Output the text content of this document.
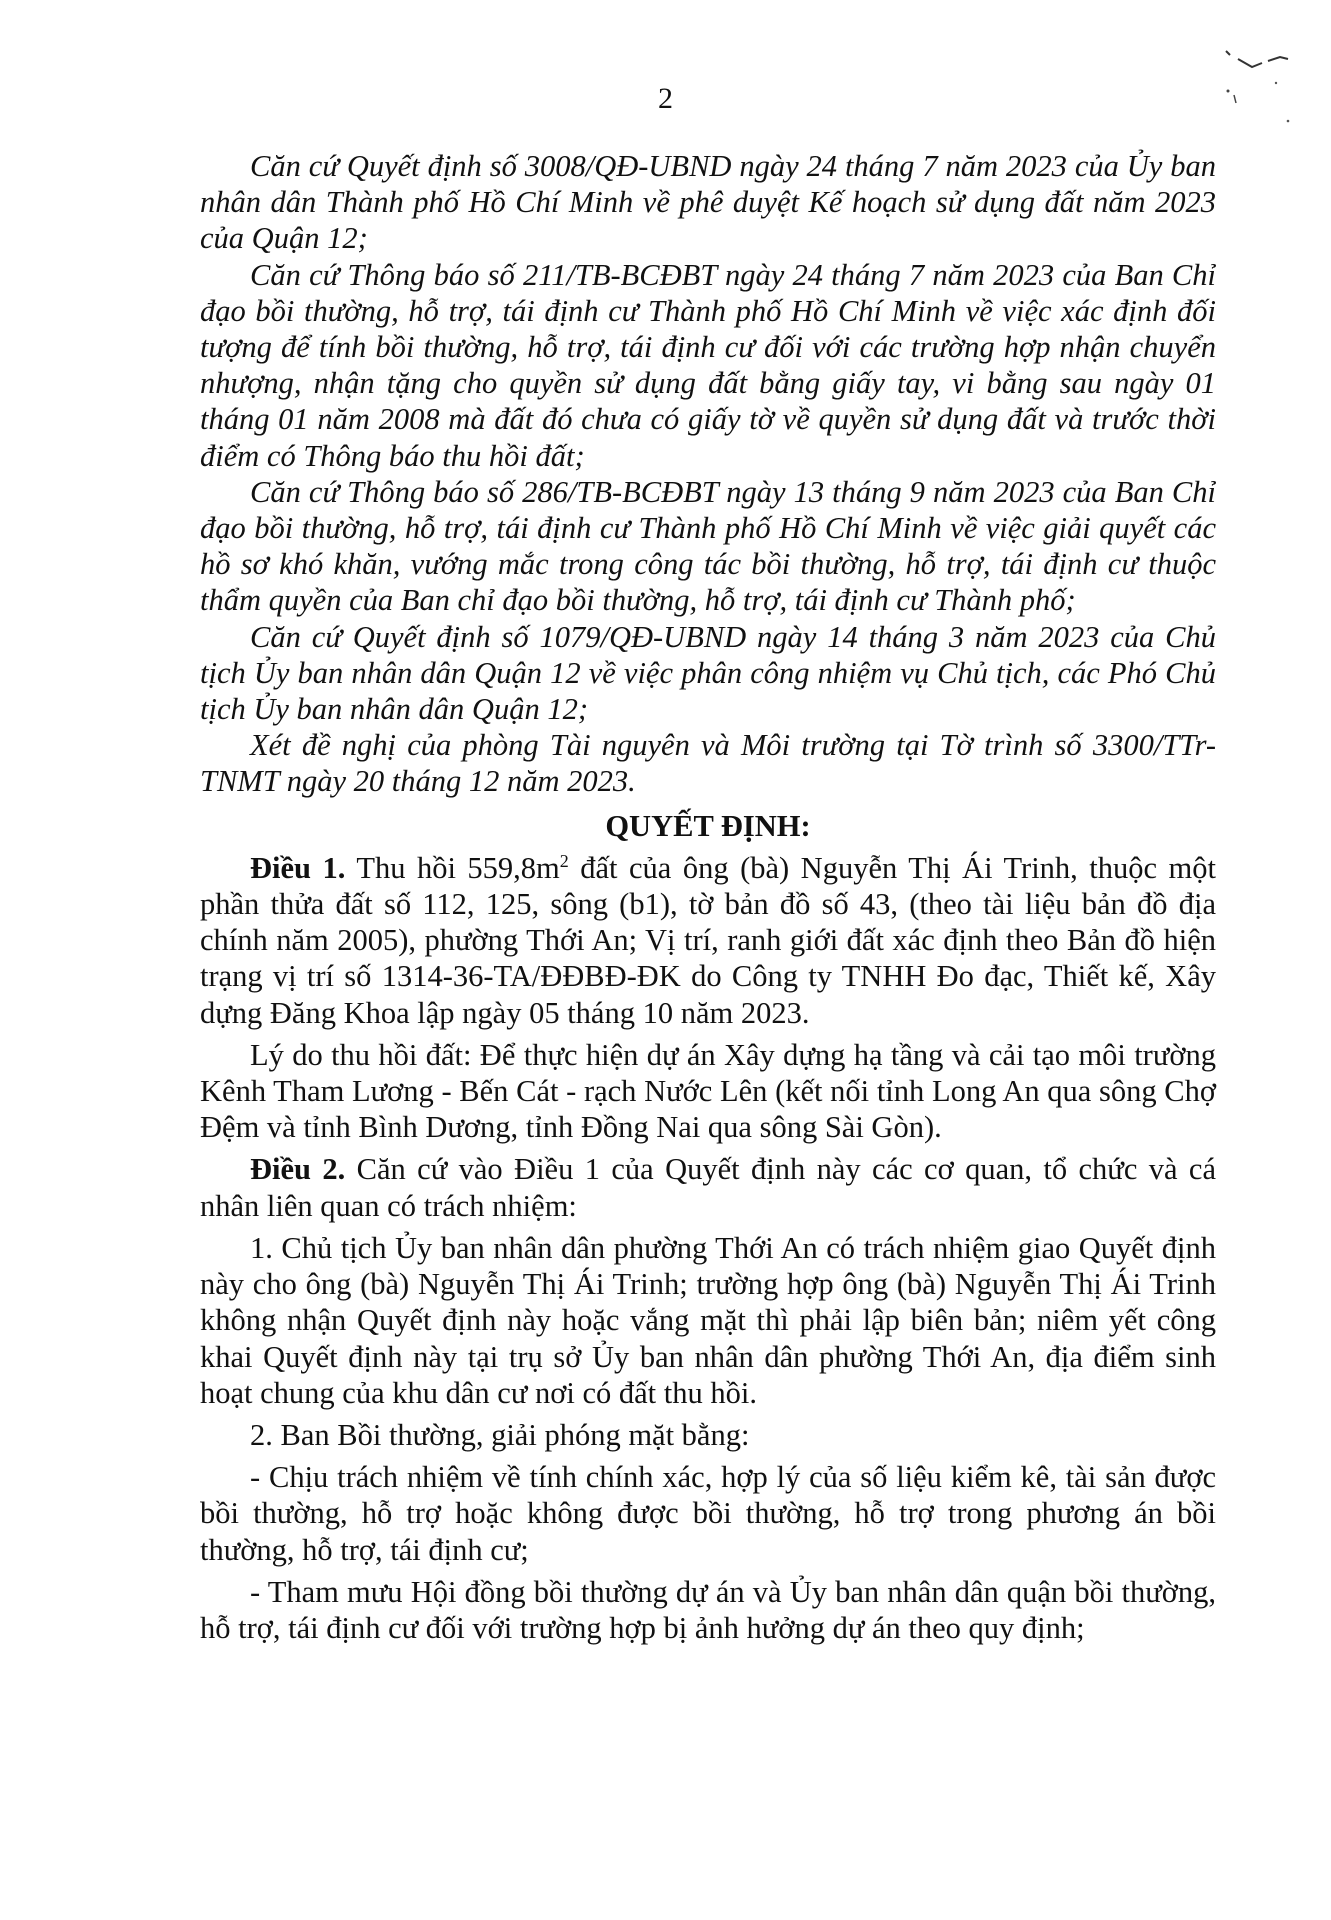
2

Căn cứ Quyết định số 3008/QĐ-UBND ngày 24 tháng 7 năm 2023 của Ủy ban nhân dân Thành phố Hồ Chí Minh về phê duyệt Kế hoạch sử dụng đất năm 2023 của Quận 12;

Căn cứ Thông báo số 211/TB-BCĐBT ngày 24 tháng 7 năm 2023 của Ban Chỉ đạo bồi thường, hỗ trợ, tái định cư Thành phố Hồ Chí Minh về việc xác định đối tượng để tính bồi thường, hỗ trợ, tái định cư đối với các trường hợp nhận chuyển nhượng, nhận tặng cho quyền sử dụng đất bằng giấy tay, vi bằng sau ngày 01 tháng 01 năm 2008 mà đất đó chưa có giấy tờ về quyền sử dụng đất và trước thời điểm có Thông báo thu hồi đất;

Căn cứ Thông báo số 286/TB-BCĐBT ngày 13 tháng 9 năm 2023 của Ban Chỉ đạo bồi thường, hỗ trợ, tái định cư Thành phố Hồ Chí Minh về việc giải quyết các hồ sơ khó khăn, vướng mắc trong công tác bồi thường, hỗ trợ, tái định cư thuộc thẩm quyền của Ban chỉ đạo bồi thường, hỗ trợ, tái định cư Thành phố;

Căn cứ Quyết định số 1079/QĐ-UBND ngày 14 tháng 3 năm 2023 của Chủ tịch Ủy ban nhân dân Quận 12 về việc phân công nhiệm vụ Chủ tịch, các Phó Chủ tịch Ủy ban nhân dân Quận 12;

Xét đề nghị của phòng Tài nguyên và Môi trường tại Tờ trình số 3300/TTr-TNMT ngày 20 tháng 12 năm 2023.

QUYẾT ĐỊNH:

Điều 1. Thu hồi $559,8m^2$ đất của ông (bà) Nguyễn Thị Ái Trinh, thuộc một phần thửa đất số 112, 125, sông (b1), tờ bản đồ số 43, (theo tài liệu bản đồ địa chính năm 2005), phường Thới An; Vị trí, ranh giới đất xác định theo Bản đồ hiện trạng vị trí số 1314-36-TA/ĐĐBĐ-ĐK do Công ty TNHH Đo đạc, Thiết kế, Xây dựng Đăng Khoa lập ngày 05 tháng 10 năm 2023.

Lý do thu hồi đất: Để thực hiện dự án Xây dựng hạ tầng và cải tạo môi trường Kênh Tham Lương - Bến Cát - rạch Nước Lên (kết nối tỉnh Long An qua sông Chợ Đệm và tỉnh Bình Dương, tỉnh Đồng Nai qua sông Sài Gòn).

Điều 2. Căn cứ vào Điều 1 của Quyết định này các cơ quan, tổ chức và cá nhân liên quan có trách nhiệm:

1. Chủ tịch Ủy ban nhân dân phường Thới An có trách nhiệm giao Quyết định này cho ông (bà) Nguyễn Thị Ái Trinh; trường hợp ông (bà) Nguyễn Thị Ái Trinh không nhận Quyết định này hoặc vắng mặt thì phải lập biên bản; niêm yết công khai Quyết định này tại trụ sở Ủy ban nhân dân phường Thới An, địa điểm sinh hoạt chung của khu dân cư nơi có đất thu hồi.

2. Ban Bồi thường, giải phóng mặt bằng:

- Chịu trách nhiệm về tính chính xác, hợp lý của số liệu kiểm kê, tài sản được bồi thường, hỗ trợ hoặc không được bồi thường, hỗ trợ trong phương án bồi thường, hỗ trợ, tái định cư;

- Tham mưu Hội đồng bồi thường dự án và Ủy ban nhân dân quận bồi thường, hỗ trợ, tái định cư đối với trường hợp bị ảnh hưởng dự án theo quy định;
